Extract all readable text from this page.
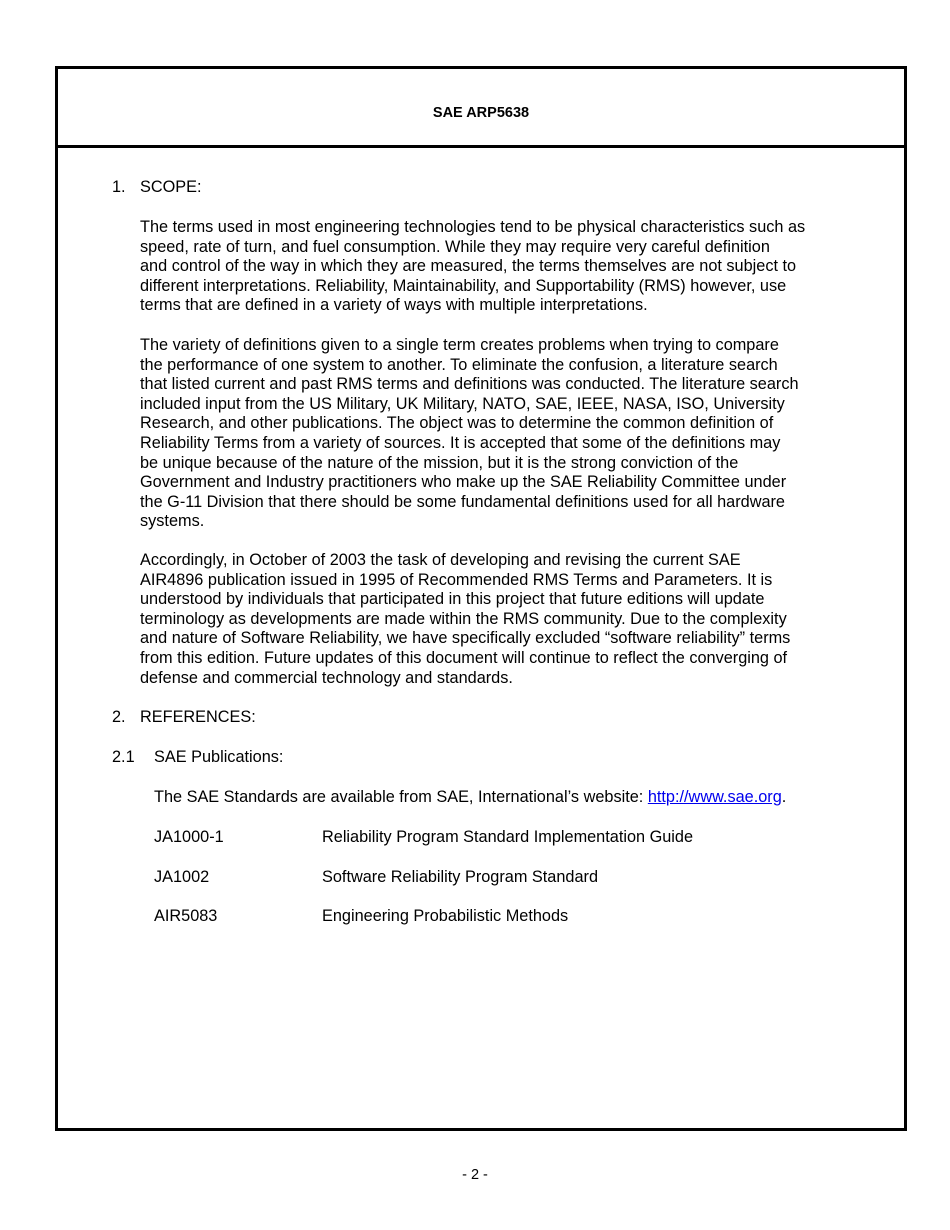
SAE ARP5638
1. SCOPE:

The terms used in most engineering technologies tend to be physical characteristics such as
speed, rate of turn, and fuel consumption. While they may require very careful definition
and control of the way in which they are measured, the terms themselves are not subject to
different interpretations. Reliability, Maintainability, and Supportability (RMS) however, use
terms that are defined in a variety of ways with multiple interpretations.

The variety of definitions given to a single term creates problems when trying to compare
the performance of one system to another. To eliminate the confusion, a literature search
that listed current and past RMS terms and definitions was conducted. The literature search
included input from the US Military, UK Military, NATO, SAE, IEEE, NASA, ISO, University
Research, and other publications. The object was to determine the common definition of
Reliability Terms from a variety of sources. It is accepted that some of the definitions may
be unique because of the nature of the mission, but it is the strong conviction of the
Government and Industry practitioners who make up the SAE Reliability Committee under
the G-11 Division that there should be some fundamental definitions used for all hardware
systems.

Accordingly, in October of 2003 the task of developing and revising the current SAE
AIR4896 publication issued in 1995 of Recommended RMS Terms and Parameters. It is
understood by individuals that participated in this project that future editions will update
terminology as developments are made within the RMS community. Due to the complexity
and nature of Software Reliability, we have specifically excluded “software reliability” terms
from this edition. Future updates of this document will continue to reflect the converging of
defense and commercial technology and standards.

2. REFERENCES:
2.1 SAE Publications:
The SAE Standards are available from SAE, International’s website: http://www.sae.org.
JA1000-1	Reliability Program Standard Implementation Guide
JA1002	Software Reliability Program Standard
AIR5083	Engineering Probabilistic Methods
- 2 -
